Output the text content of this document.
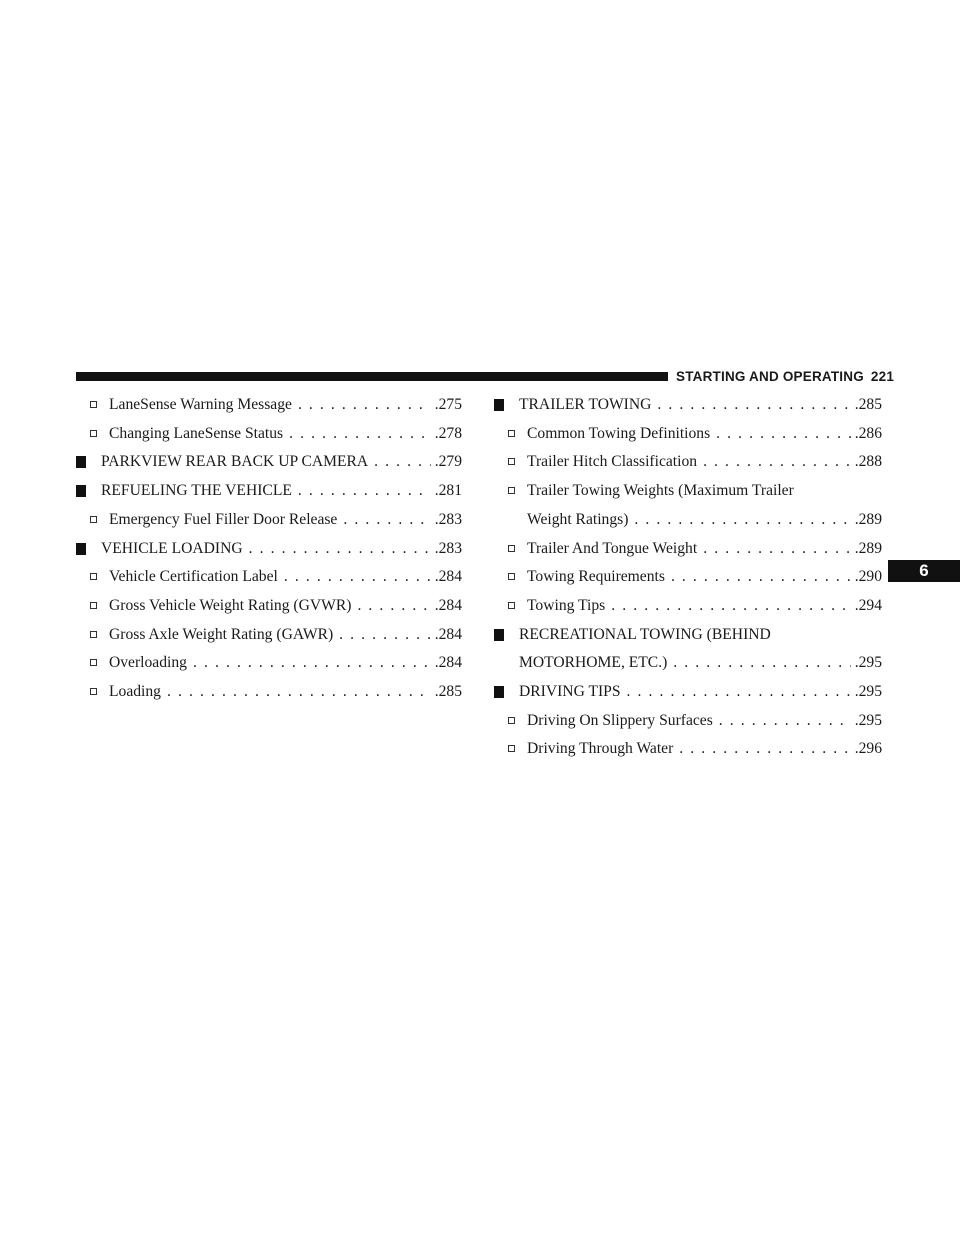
STARTING AND OPERATING 221
6
LaneSense Warning Message . . .	. 275
Changing LaneSense Status . . .	. 278
PARKVIEW REAR BACK UP CAMERA . . .	. 279
REFUELING THE VEHICLE . . .	. 281
Emergency Fuel Filler Door Release . . .	. 283
VEHICLE LOADING . . .	. 283
Vehicle Certification Label . . .	. 284
Gross Vehicle Weight Rating (GVWR) . . .	. 284
Gross Axle Weight Rating (GAWR) . . .	. 284
Overloading . . .	. 284
Loading . . .	. 285
TRAILER TOWING . . .	. 285
Common Towing Definitions . . .	. 286
Trailer Hitch Classification . . .	. 288
Trailer Towing Weights (Maximum Trailer
Weight Ratings) . . .	. 289
Trailer And Tongue Weight . . .	. 289
Towing Requirements . . .	. 290
Towing Tips . . .	. 294
RECREATIONAL TOWING (BEHIND
MOTORHOME, ETC.) . . .	. 295
DRIVING TIPS . . .	. 295
Driving On Slippery Surfaces . . .	. 295
Driving Through Water . . .	. 296
